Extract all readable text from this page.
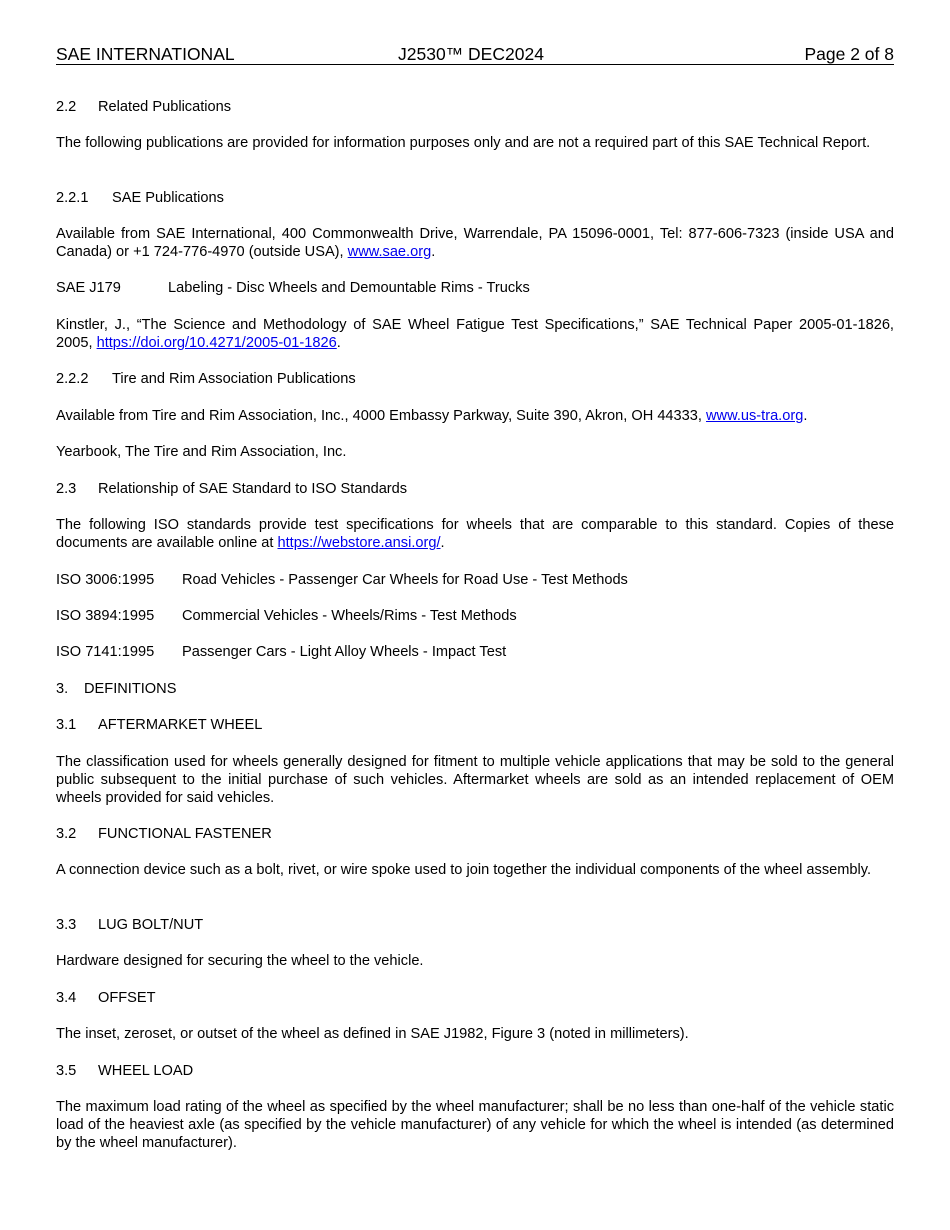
SAE INTERNATIONAL	J2530™ DEC2024	Page 2 of 8

2.2 Related Publications

The following publications are provided for information purposes only and are not a required part of this SAE Technical Report.

2.2.1 SAE Publications

Available from SAE International, 400 Commonwealth Drive, Warrendale, PA 15096-0001, Tel: 877-606-7323 (inside USA and Canada) or +1 724-776-4970 (outside USA), www.sae.org.

SAE J179	Labeling - Disc Wheels and Demountable Rims - Trucks

Kinstler, J., “The Science and Methodology of SAE Wheel Fatigue Test Specifications,” SAE Technical Paper 2005-01-1826, 2005, https://doi.org/10.4271/2005-01-1826.

2.2.2 Tire and Rim Association Publications

Available from Tire and Rim Association, Inc., 4000 Embassy Parkway, Suite 390, Akron, OH 44333, www.us-tra.org.

Yearbook, The Tire and Rim Association, Inc.

2.3 Relationship of SAE Standard to ISO Standards

The following ISO standards provide test specifications for wheels that are comparable to this standard. Copies of these documents are available online at https://webstore.ansi.org/.

ISO 3006:1995 Road Vehicles - Passenger Car Wheels for Road Use - Test Methods

ISO 3894:1995 Commercial Vehicles - Wheels/Rims - Test Methods

ISO 7141:1995 Passenger Cars - Light Alloy Wheels - Impact Test

3. DEFINITIONS

3.1 AFTERMARKET WHEEL

The classification used for wheels generally designed for fitment to multiple vehicle applications that may be sold to the general public subsequent to the initial purchase of such vehicles. Aftermarket wheels are sold as an intended replacement of OEM wheels provided for said vehicles.

3.2 FUNCTIONAL FASTENER

A connection device such as a bolt, rivet, or wire spoke used to join together the individual components of the wheel assembly.

3.3 LUG BOLT/NUT

Hardware designed for securing the wheel to the vehicle.

3.4 OFFSET

The inset, zeroset, or outset of the wheel as defined in SAE J1982, Figure 3 (noted in millimeters).

3.5 WHEEL LOAD

The maximum load rating of the wheel as specified by the wheel manufacturer; shall be no less than one-half of the vehicle static load of the heaviest axle (as specified by the vehicle manufacturer) of any vehicle for which the wheel is intended (as determined by the wheel manufacturer).
